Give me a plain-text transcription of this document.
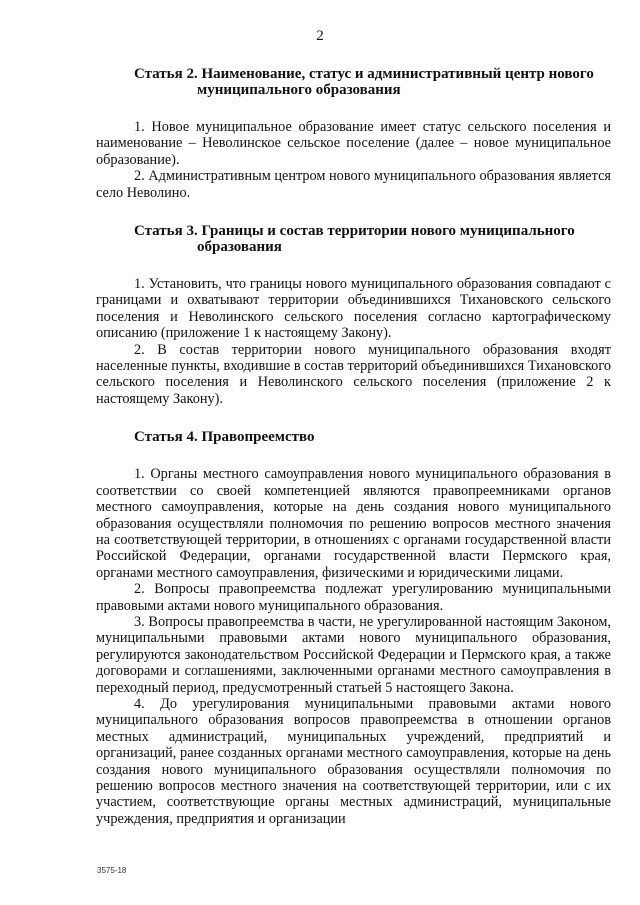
2
Статья 2. Наименование, статус и административный центр нового
муниципального образования

1. Новое муниципальное образование имеет статус сельского поселения и наименование – Неволинское сельское поселение (далее – новое муниципальное образование).

2. Административным центром нового муниципального образования является село Неволино.

Статья 3. Границы и состав территории нового муниципального
образования

1. Установить, что границы нового муниципального образования совпадают с границами и охватывают территории объединившихся Тихановского сельского поселения и Неволинского сельского поселения согласно картографическому описанию (приложение 1 к настоящему Закону).

2. В состав территории нового муниципального образования входят населенные пункты, входившие в состав территорий объединившихся Тихановского сельского поселения и Неволинского сельского поселения (приложение 2 к настоящему Закону).

Статья 4. Правопреемство

1. Органы местного самоуправления нового муниципального образования в соответствии со своей компетенцией являются правопреемниками органов местного самоуправления, которые на день создания нового муниципального образования осуществляли полномочия по решению вопросов местного значения на соответствующей территории, в отношениях с органами государственной власти Российской Федерации, органами государственной власти Пермского края, органами местного самоуправления, физическими и юридическими лицами.

2. Вопросы правопреемства подлежат урегулированию муниципальными правовыми актами нового муниципального образования.

3. Вопросы правопреемства в части, не урегулированной настоящим Законом, муниципальными правовыми актами нового муниципального образования, регулируются законодательством Российской Федерации и Пермского края, а также договорами и соглашениями, заключенными органами местного самоуправления в переходный период, предусмотренный статьей 5 настоящего Закона.

4. До урегулирования муниципальными правовыми актами нового муниципального образования вопросов правопреемства в отношении органов местных администраций, муниципальных учреждений, предприятий и организаций, ранее созданных органами местного самоуправления, которые на день создания нового муниципального образования осуществляли полномочия по решению вопросов местного значения на соответствующей территории, или с их участием, соответствующие органы местных администраций, муниципальные учреждения, предприятия и организации

3575-18
